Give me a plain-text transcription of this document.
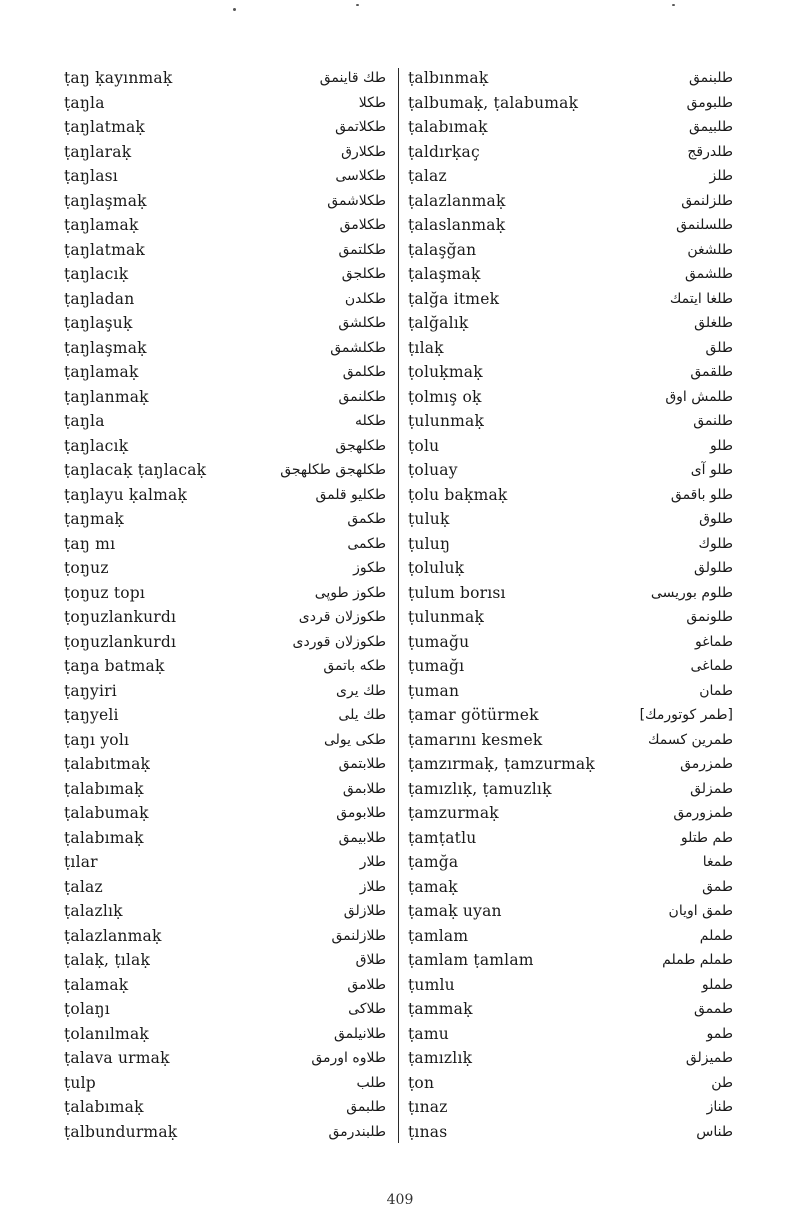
ṭaŋ ḳayınmaḳ	طك قاينمق
ṭaŋla	طكلا
ṭaŋlatmaḳ	طكلاتمق
ṭaŋlaraḳ	طكلارق
ṭaŋlası	طكلاسى
ṭaŋlaşmaḳ	طكلاشمق
ṭaŋlamaḳ	طكلامق
ṭaŋlatmak	طكلتمق
ṭaŋlacıḳ	طكلجق
ṭaŋladan	طكلدن
ṭaŋlaşuḳ	طكلشق
ṭaŋlaşmaḳ	طكلشمق
ṭaŋlamaḳ	طكلمق
ṭaŋlanmaḳ	طكلنمق
ṭaŋla	طكله
ṭaŋlacıḳ	طكلهجق
ṭaŋlacaḳ ṭaŋlacaḳ	طكلهجق طكلهجق
ṭaŋlayu ḳalmaḳ	طكليو قلمق
ṭaŋmaḳ	طكمق
ṭaŋ mı	طكمى
ṭoŋuz	طكوز
ṭoŋuz topı	طكوز طوپى
ṭoŋuzlankurdı	طكوزلان قردى
ṭoŋuzlankurdı	طكوزلان قوردى
ṭaŋa batmaḳ	طكه باتمق
ṭaŋyiri	طك يرى
ṭaŋyeli	طك يلى
ṭaŋı yolı	طكى يولى
ṭalabıtmaḳ	طلابتمق
ṭalabımaḳ	طلابمق
ṭalabumaḳ	طلابومق
ṭalabımaḳ	طلابيمق
ṭılar	طلار
ṭalaz	طلاز
ṭalazlıḳ	طلازلق
ṭalazlanmaḳ	طلازلنمق
ṭalaḳ, ṭılaḳ	طلاق
ṭalamaḳ	طلامق
ṭolaŋı	طلاكى
ṭolanılmaḳ	طلانيلمق
ṭalava urmaḳ	طلاوه اورمق
ṭulp	طلب
ṭalabımaḳ	طلبمق
ṭalbundurmaḳ	طلبندرمق
ṭalbınmaḳ	طلبنمق
ṭalbumaḳ, ṭalabumaḳ	طلبومق
ṭalabımaḳ	طلبيمق
ṭaldırḳaç	طلدرقج
ṭalaz	طلز
ṭalazlanmaḳ	طلزلنمق
ṭalaslanmaḳ	طلسلنمق
ṭalaşğan	طلشغن
ṭalaşmaḳ	طلشمق
ṭalğa itmek	طلغا ايتمك
ṭalğalıḳ	طلغلق
ṭılaḳ	طلق
ṭoluḳmaḳ	طلقمق
ṭolmış oḳ	طلمش اوق
ṭulunmaḳ	طلنمق
ṭolu	طلو
ṭoluay	طلو آى
ṭolu baḳmaḳ	طلو باقمق
ṭuluḳ	طلوق
ṭuluŋ	طلوك
ṭoluluḳ	طلولق
ṭulum borısı	طلوم بوريسى
ṭulunmaḳ	طلونمق
ṭumağu	طماغو
ṭumağı	طماغى
ṭuman	طمان
ṭamar götürmek	[طمر كوتورمك]
ṭamarını kesmek	طمرين كسمك
ṭamzırmaḳ, ṭamzurmaḳ	طمزرمق
ṭamızlıḳ, ṭamuzlıḳ	طمزلق
ṭamzurmaḳ	طمزورمق
ṭamṭatlu	طم طتلو
ṭamğa	طمغا
ṭamaḳ	طمق
ṭamaḳ uyan	طمق اويان
ṭamlam	طملم
ṭamlam ṭamlam	طملم طملم
ṭumlu	طملو
ṭammaḳ	طممق
ṭamu	طمو
ṭamızlıḳ	طميزلق
ṭon	طن
ṭınaz	طناز
ṭınas	طناس
409
